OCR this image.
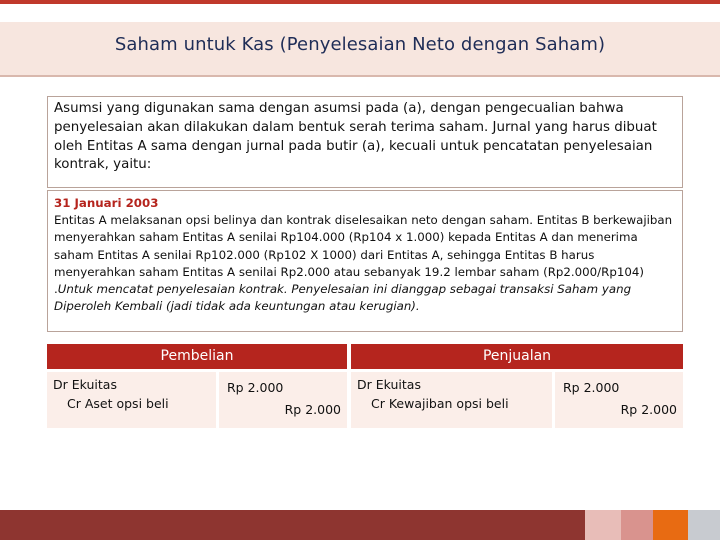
Saham untuk Kas (Penyelesaian Neto dengan Saham)
Asumsi yang digunakan sama dengan asumsi pada (a), dengan pengecualian bahwa penyelesaian akan dilakukan dalam bentuk serah terima saham. Jurnal yang harus dibuat oleh Entitas A sama dengan jurnal pada butir (a), kecuali untuk pencatatan penyelesaian kontrak, yaitu:
31 Januari 2003
Entitas A melaksanan opsi belinya dan kontrak diselesaikan neto dengan saham. Entitas B berkewajiban menyerahkan saham Entitas A senilai Rp104.000 (Rp104 x 1.000) kepada Entitas A dan menerima saham Entitas A senilai Rp102.000 (Rp102 X 1000) dari Entitas A, sehingga Entitas B harus menyerahkan saham Entitas A senilai Rp2.000 atau sebanyak 19.2 lembar saham (Rp2.000/Rp104) .Untuk mencatat penyelesaian kontrak. Penyelesaian ini dianggap sebagai transaksi Saham yang Diperoleh Kembali (jadi tidak ada keuntungan atau kerugian).
Pembelian	Penjualan
Dr Ekuitas
Cr Aset opsi beli
Rp 2.000
Rp 2.000
Dr Ekuitas
Cr Kewajiban opsi beli
Rp 2.000
Rp 2.000
